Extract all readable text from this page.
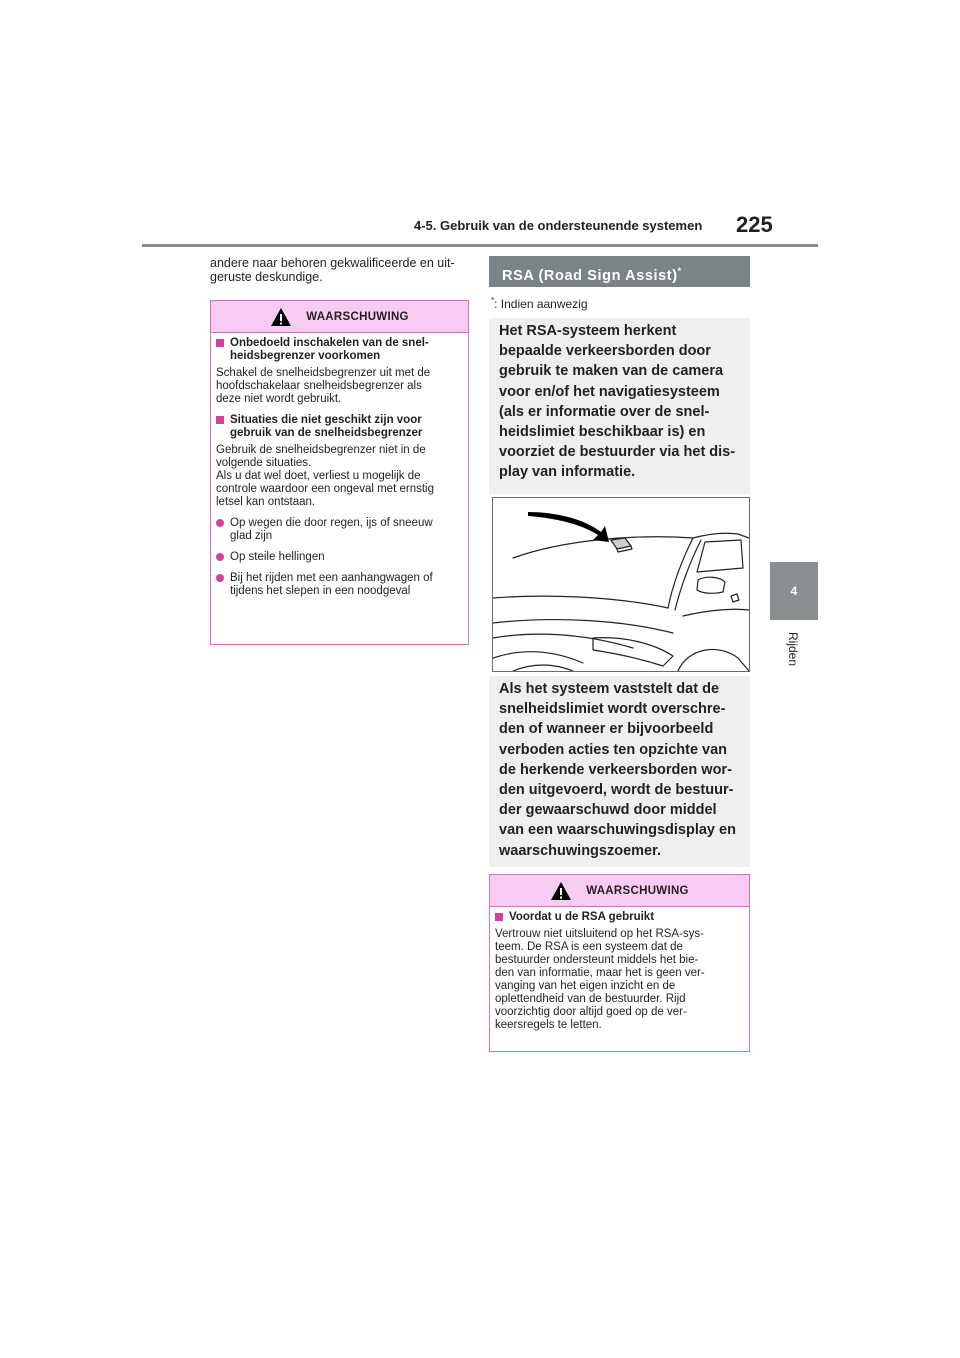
4-5. Gebruik van de ondersteunende systemen 225
4
Rijden
andere naar behoren gekwalificeerde en uit-
geruste deskundige.
WAARSCHUWING
Onbedoeld inschakelen van de snel-
heidsbegrenzer voorkomen
Schakel de snelheidsbegrenzer uit met de
hoofdschakelaar snelheidsbegrenzer als
deze niet wordt gebruikt.
Situaties die niet geschikt zijn voor
gebruik van de snelheidsbegrenzer
Gebruik de snelheidsbegrenzer niet in de
volgende situaties.
Als u dat wel doet, verliest u mogelijk de
controle waardoor een ongeval met ernstig
letsel kan ontstaan.
Op wegen die door regen, ijs of sneeuw
glad zijn
Op steile hellingen
Bij het rijden met een aanhangwagen of
tijdens het slepen in een noodgeval
RSA (Road Sign Assist)*
*: Indien aanwezig
Het RSA-systeem herkent
bepaalde verkeersborden door
gebruik te maken van de camera
voor en/of het navigatiesysteem
(als er informatie over de snel-
heidslimiet beschikbaar is) en
voorziet de bestuurder via het dis-
play van informatie.
Als het systeem vaststelt dat de
snelheidslimiet wordt overschre-
den of wanneer er bijvoorbeeld
verboden acties ten opzichte van
de herkende verkeersborden wor-
den uitgevoerd, wordt de bestuur-
der gewaarschuwd door middel
van een waarschuwingsdisplay en
waarschuwingszoemer.
WAARSCHUWING
Voordat u de RSA gebruikt
Vertrouw niet uitsluitend op het RSA-sys-
teem. De RSA is een systeem dat de
bestuurder ondersteunt middels het bie-
den van informatie, maar het is geen ver-
vanging van het eigen inzicht en de
oplettendheid van de bestuurder. Rijd
voorzichtig door altijd goed op de ver-
keersregels te letten.
